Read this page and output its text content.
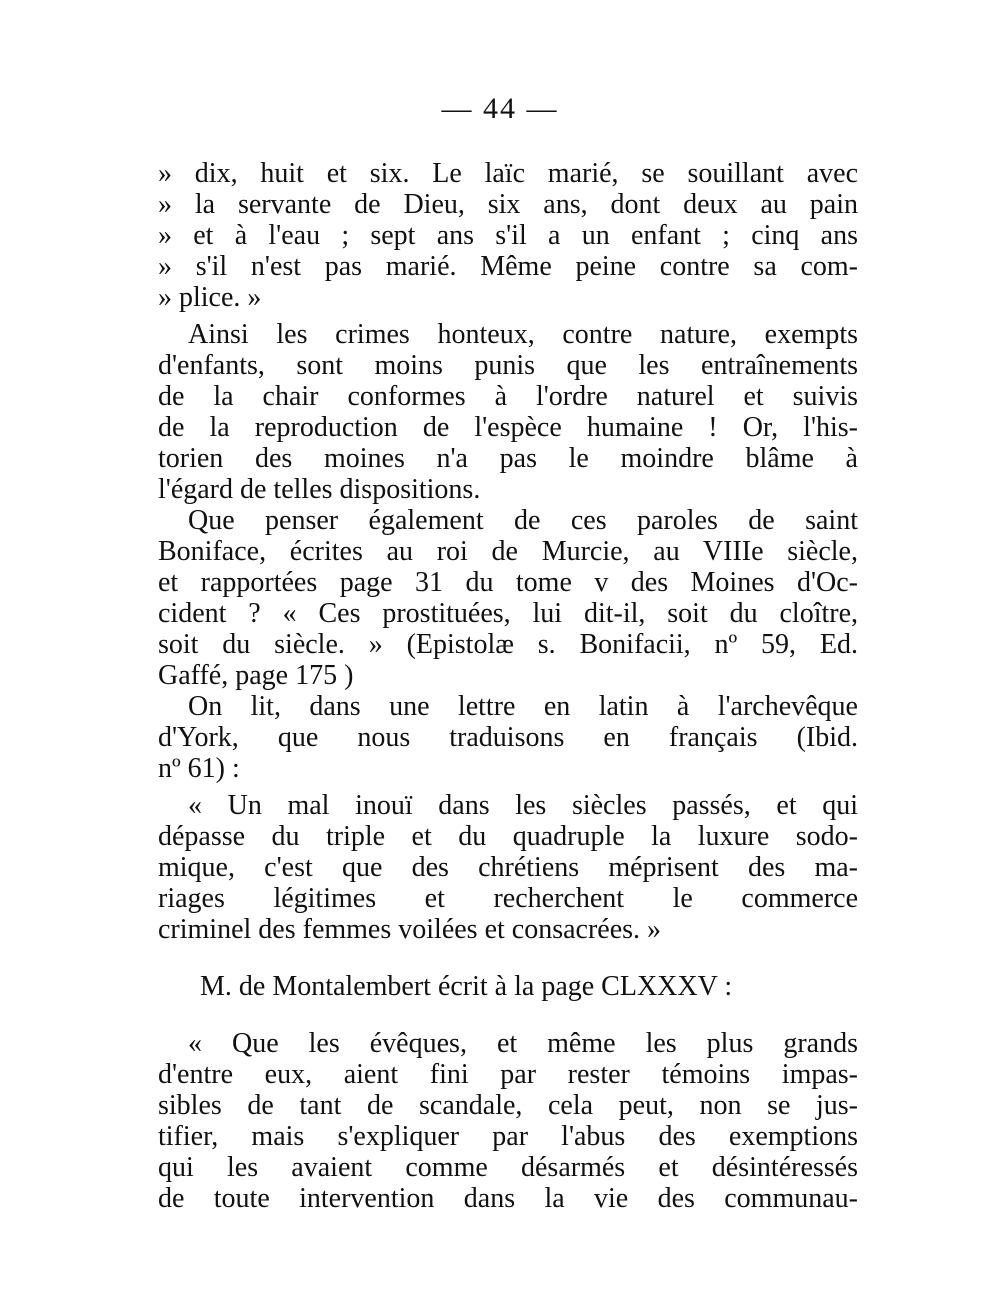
— 44 —
» dix, huit et six. Le laïc marié, se souillant avec
» la servante de Dieu, six ans, dont deux au pain
» et à l'eau ; sept ans s'il a un enfant ; cinq ans
» s'il n'est pas marié. Même peine contre sa com-
» plice. »
Ainsi les crimes honteux, contre nature, exempts
d'enfants, sont moins punis que les entraînements
de la chair conformes à l'ordre naturel et suivis
de la reproduction de l'espèce humaine ! Or, l'his-
torien des moines n'a pas le moindre blâme à
l'égard de telles dispositions.
Que penser également de ces paroles de saint
Boniface, écrites au roi de Murcie, au VIIIe siècle,
et rapportées page 31 du tome v des Moines d'Oc-
cident ? « Ces prostituées, lui dit-il, soit du cloître,
soit du siècle. » (Epistolæ s. Bonifacii, nº 59, Ed.
Gaffé, page 175 )
On lit, dans une lettre en latin à l'archevêque
d'York, que nous traduisons en français (Ibid.
nº 61) :
« Un mal inouï dans les siècles passés, et qui
dépasse du triple et du quadruple la luxure sodo-
mique, c'est que des chrétiens méprisent des ma-
riages légitimes et recherchent le commerce
criminel des femmes voilées et consacrées. »
M. de Montalembert écrit à la page CLXXXV :
« Que les évêques, et même les plus grands
d'entre eux, aient fini par rester témoins impas-
sibles de tant de scandale, cela peut, non se jus-
tifier, mais s'expliquer par l'abus des exemptions
qui les avaient comme désarmés et désintéressés
de toute intervention dans la vie des communau-
